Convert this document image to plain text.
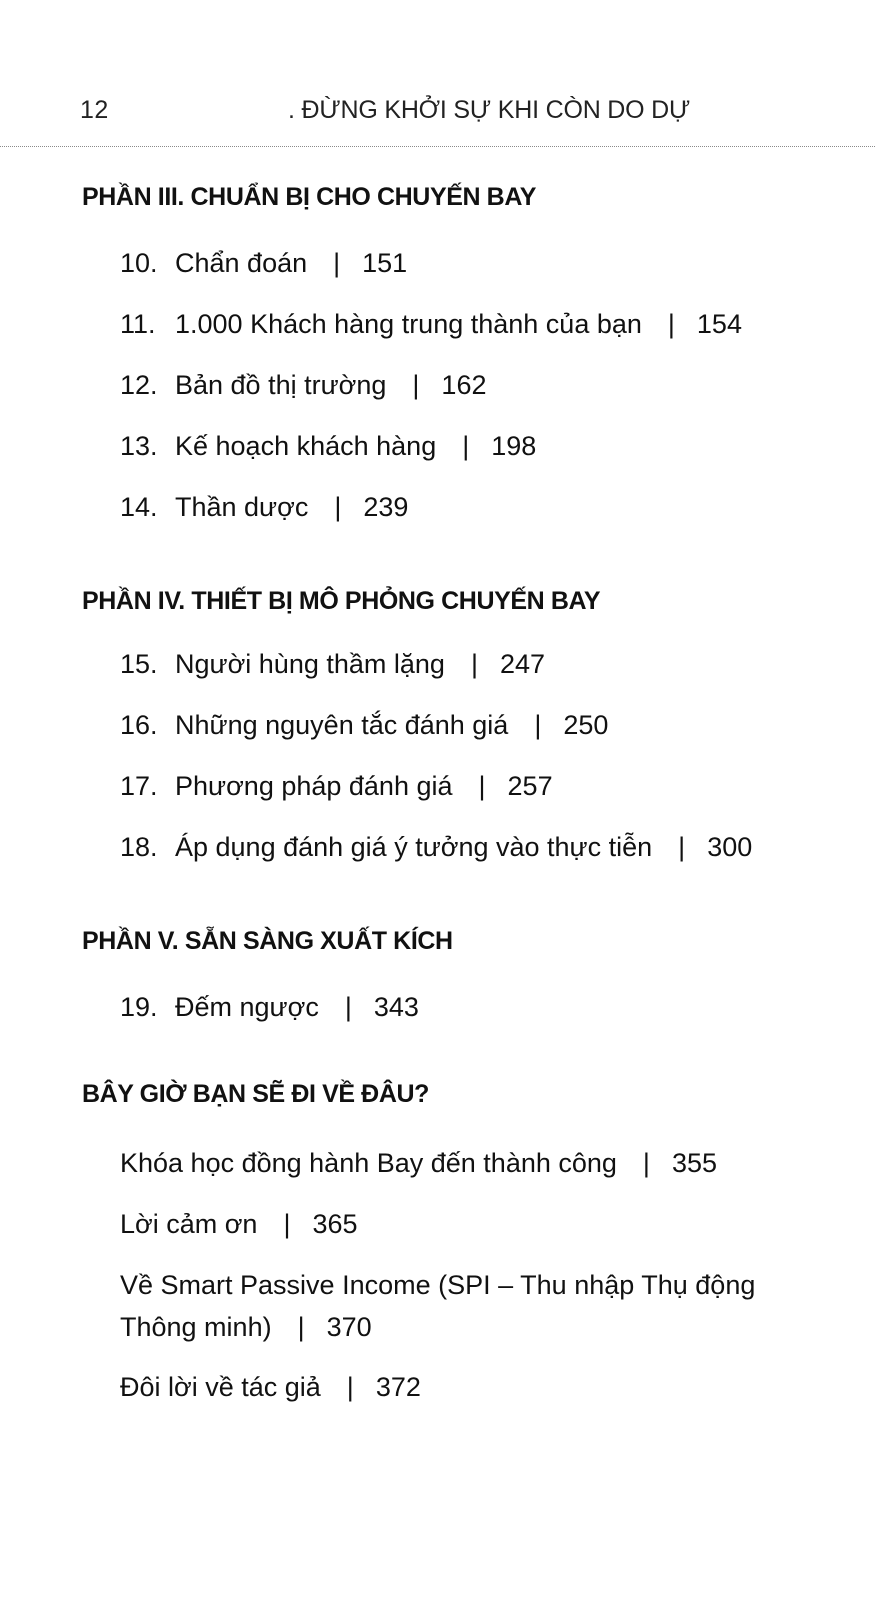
12	. ĐỪNG KHỞI SỰ KHI CÒN DO DỰ
PHẦN III. CHUẨN BỊ CHO CHUYẾN BAY
10. Chẩn đoán | 151
11. 1.000 Khách hàng trung thành của bạn | 154
12. Bản đồ thị trường | 162
13. Kế hoạch khách hàng | 198
14. Thần dược | 239
PHẦN IV. THIẾT BỊ MÔ PHỎNG CHUYẾN BAY
15. Người hùng thầm lặng | 247
16. Những nguyên tắc đánh giá | 250
17. Phương pháp đánh giá | 257
18. Áp dụng đánh giá ý tưởng vào thực tiễn | 300
PHẦN V. SẴN SÀNG XUẤT KÍCH
19. Đếm ngược | 343
BÂY GIỜ BẠN SẼ ĐI VỀ ĐÂU?
Khóa học đồng hành Bay đến thành công | 355
Lời cảm ơn | 365
Về Smart Passive Income (SPI – Thu nhập Thụ động Thông minh) | 370
Đôi lời về tác giả | 372
